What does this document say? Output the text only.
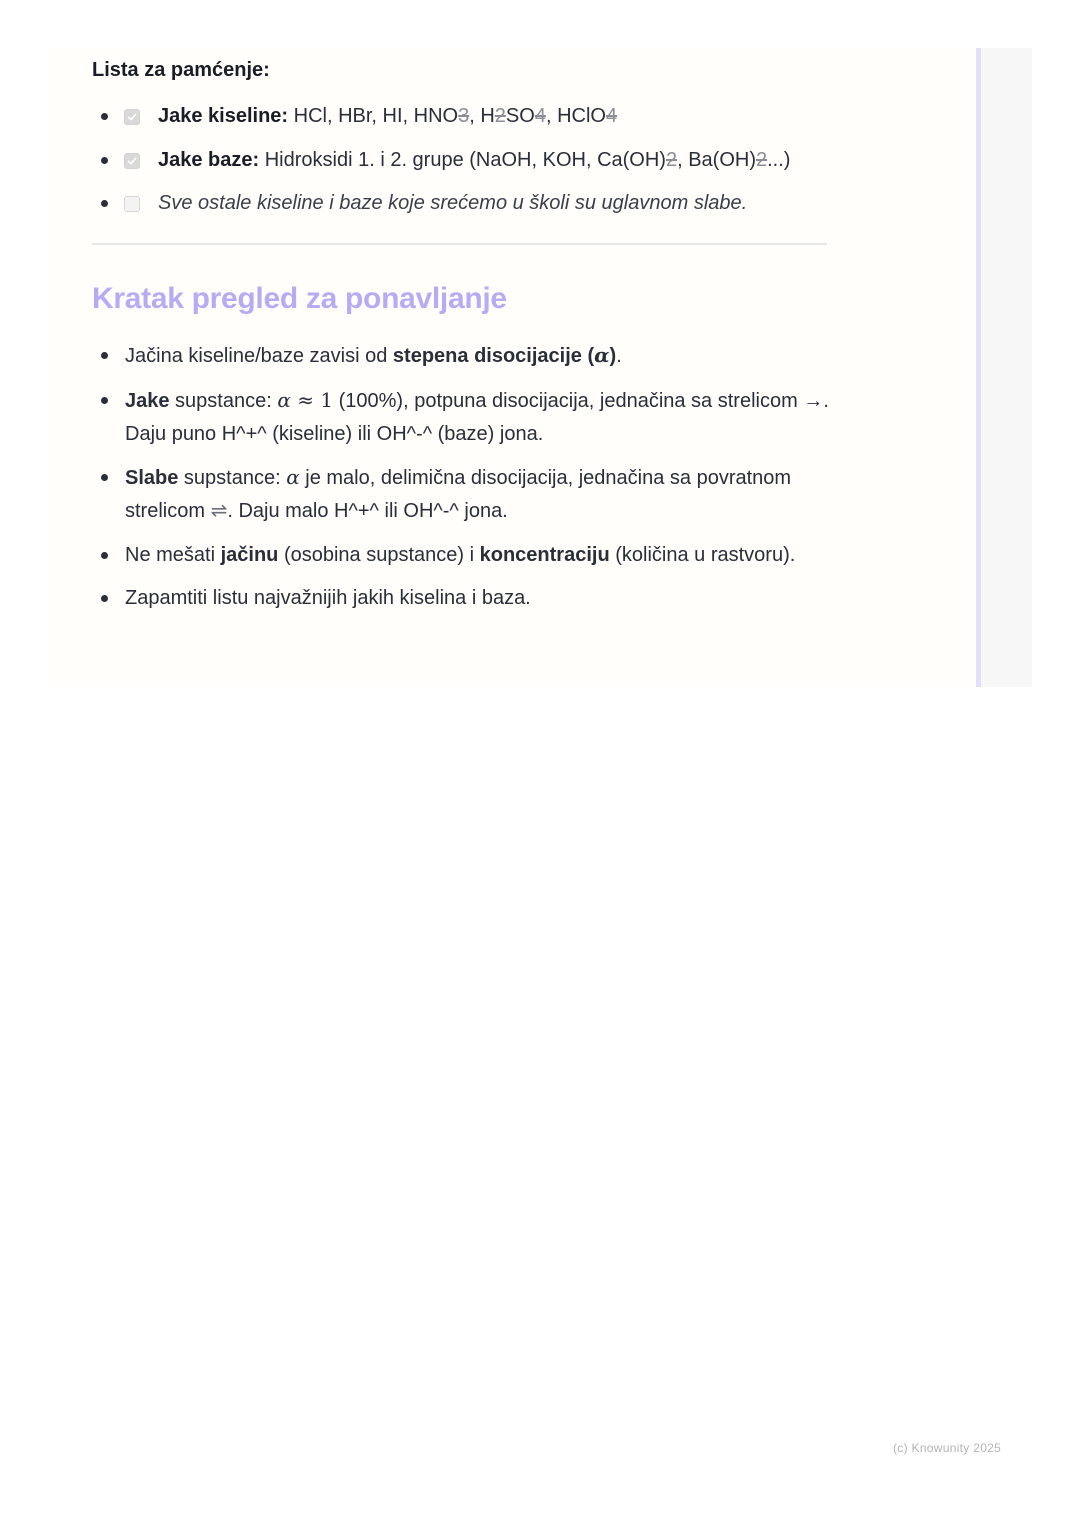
Lista za pamćenje:
Jake kiseline: HCl, HBr, HI, HNO3, H2SO4, HClO4
Jake baze: Hidroksidi 1. i 2. grupe (NaOH, KOH, Ca(OH)2, Ba(OH)2...)
Sve ostale kiseline i baze koje srećemo u školi su uglavnom slabe.
Kratak pregled za ponavljanje
Jačina kiseline/baze zavisi od stepena disocijacije (α).
Jake supstance: α ≈ 1 (100%), potpuna disocijacija, jednačina sa strelicom →. Daju puno H^+^ (kiseline) ili OH^-^ (baze) jona.
Slabe supstance: α je malo, delimična disocijacija, jednačina sa povratnom strelicom ⇌. Daju malo H^+^ ili OH^-^ jona.
Ne mešati jačinu (osobina supstance) i koncentraciju (količina u rastvoru).
Zapamtiti listu najvažnijih jakih kiselina i baza.
(c) Knowunity 2025
